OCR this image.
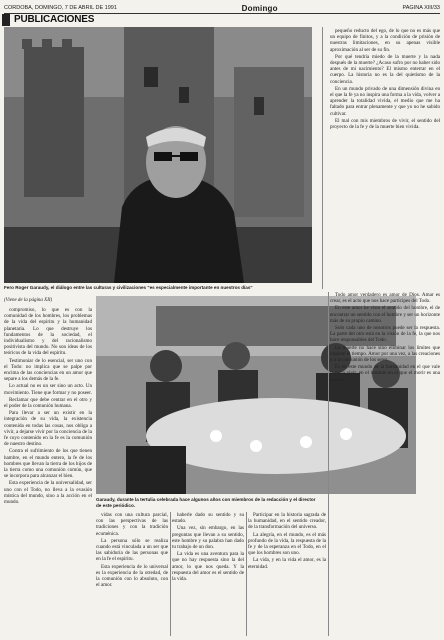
CORDOBA, DOMINGO, 7 DE ABRIL DE 1991	Domingo	PAGINA XIII/33
PUBLICACIONES
Fero Roger Garaudy, el diálogo entre las culturas y civilizaciones "es especialmente importante en nuestros días"

pequeño reducto del ego, de lo que no es más que un equipo de finitos, y a la condición de prisión de nuestras limitaciones, en su apenas visible aproximación al ser de su fin.

Por qué tendría miedo de la muerte y la nada después de la muerte? ¿Acaso sufro por no haber sido antes de mi nacimiento? El mismo enterrar en el cuerpo. La historia no es la del quietismo de la conciencia.

En un mundo privado de una dimensión divina en el que la fe ya no inspira una forma a la vida, volver a aprender la totalidad vivida, el medio que me ha faltado para entrar plenamente y que yo no he sabido cultivar.

El mal con mis miembros de vivir, el sentido del proyecto de la fe y de la muerte bien vivida.

(Viene de la página XII)

compromiso, lo que es con la comunidad de los hombres, los problemas de la vida del espíritu y la humanidad planetaria. Lo que destruye los fundamentos de la sociedad, el individualismo y del racionalismo positivista del mundo. No son ideas de los teóricos de la vida del espíritu.

Testimoniar de lo esencial, ser uno con el Todo: no implica que se palpe por encima de las conciencias en un amor que separe a los demás de la fe.

Lo actual no es un ser sino un acto. Un movimiento. Tiene que formar y no poseer.

Reclamar que debe centrar en el otro y el poder de la comunión humana.

Para llevar a ser un existir en la integración de su vida, la existencia contenida en todas las cosas, nos obliga a vivir, a dejarse vivir por la conciencia de la fe cuyo contenido en la fe es la comunión de nuestro destino.

Contra el sufrimiento de los que tienen hambre, en el mundo entero, la fe de los hombres que llevan la tierra de los hijos de la tierra como una comunión común, que se incorpora para alcanzar el bien.

Esta experiencia de la universalidad, ser uno con el Todo, no lleva a la evasión mística del mundo, sino a la acción en el mundo.	Garaudy, durante la tertulia celebrada hace algunos años con miembros de la redacción y el director de este periódico.

Todo amor verdadero es amor de Dios. Amar es crear, es el acto que nos hace partícipes del Todo.

En este amor he visto el sentido del hombre, el de encontrar un sentido con el hombre y ser un horizonte más de su propio camino.

Solo cada uno de nosotros puede ser la respuesta. La parte del otro está en la visión de la fe, la que nos hace responsables del Todo.

La muerte no hace sino eliminar los límites que impone el tiempo. Amor por una vez, a las creaciones y a la comunión de los seres.

Es en este mundo de la humanidad en el que vale la pena vivir, en el instante en el que el morir es una puerta.

vidas con una cultura parcial, con las perspectivas de las tradiciones y con la tradición ecuménica.

La persona sólo se realiza cuando está vinculada a un ser que las sabiduría de las personas que en la fe el espíritu.

Esta experiencia de lo universal es la experiencia de la otredad, de la comunión con lo absoluto, con el amor.

haberle dado su sentido y su estado.

Una vez, sin embargo, en las preguntas que llevan a su sentido, este hombre y su palabra han dado tu trabajo de un don.

La vida es una aventura para la que no hay respuesta sino la del amor, lo que nos queda. Y la respuesta del amor es el sentido de la vida.

Participar en la historia sagrada de la humanidad, en el sentido creador, de la transformación del universo.

La alegría, en el mundo, es el más profundo de la vida, la respuesta de la fe y de la esperanza en el Todo, en el que los hombres son uno.

La vida, y en la vida el amor, es la eternidad.
